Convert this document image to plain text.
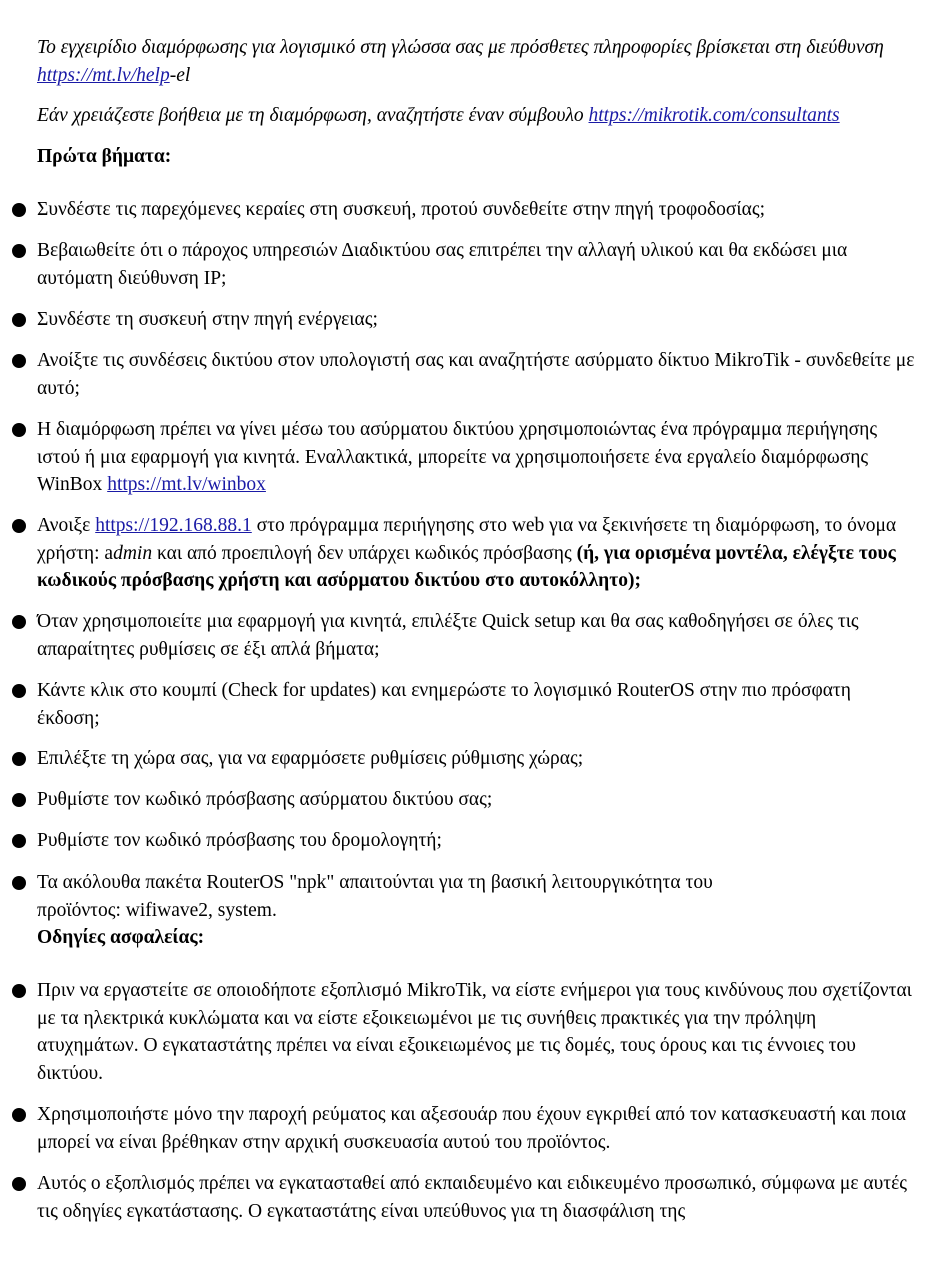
Το εγχειρίδιο διαμόρφωσης για λογισμικό στη γλώσσα σας με πρόσθετες πληροφορίες βρίσκεται στη διεύθυνση https://mt.lv/help-el
Εάν χρειάζεστε βοήθεια με τη διαμόρφωση, αναζητήστε έναν σύμβουλο https://mikrotik.com/consultants
Πρώτα βήματα:
Συνδέστε τις παρεχόμενες κεραίες στη συσκευή, προτού συνδεθείτε στην πηγή τροφοδοσίας;
Βεβαιωθείτε ότι ο πάροχος υπηρεσιών Διαδικτύου σας επιτρέπει την αλλαγή υλικού και θα εκδώσει μια αυτόματη διεύθυνση IP;
Συνδέστε τη συσκευή στην πηγή ενέργειας;
Ανοίξτε τις συνδέσεις δικτύου στον υπολογιστή σας και αναζητήστε ασύρματο δίκτυο MikroTik - συνδεθείτε με αυτό;
Η διαμόρφωση πρέπει να γίνει μέσω του ασύρματου δικτύου χρησιμοποιώντας ένα πρόγραμμα περιήγησης ιστού ή μια εφαρμογή για κινητά. Εναλλακτικά, μπορείτε να χρησιμοποιήσετε ένα εργαλείο διαμόρφωσης WinBox https://mt.lv/winbox
Ανοιξε https://192.168.88.1 στο πρόγραμμα περιήγησης στο web για να ξεκινήσετε τη διαμόρφωση, το όνομα χρήστη: admin και από προεπιλογή δεν υπάρχει κωδικός πρόσβασης (ή, για ορισμένα μοντέλα, ελέγξτε τους κωδικούς πρόσβασης χρήστη και ασύρματου δικτύου στο αυτοκόλλητο);
Όταν χρησιμοποιείτε μια εφαρμογή για κινητά, επιλέξτε Quick setup και θα σας καθοδηγήσει σε όλες τις απαραίτητες ρυθμίσεις σε έξι απλά βήματα;
Κάντε κλικ στο κουμπί (Check for updates) και ενημερώστε το λογισμικό RouterOS στην πιο πρόσφατη έκδοση;
Επιλέξτε τη χώρα σας, για να εφαρμόσετε ρυθμίσεις ρύθμισης χώρας;
Ρυθμίστε τον κωδικό πρόσβασης ασύρματου δικτύου σας;
Ρυθμίστε τον κωδικό πρόσβασης του δρομολογητή;
Τα ακόλουθα πακέτα RouterOS "npk" απαιτούνται για τη βασική λειτουργικότητα του προϊόντος: wifiwave2, system.
Οδηγίες ασφαλείας:
Πριν να εργαστείτε σε οποιοδήποτε εξοπλισμό MikroTik, να είστε ενήμεροι για τους κινδύνους που σχετίζονται με τα ηλεκτρικά κυκλώματα και να είστε εξοικειωμένοι με τις συνήθεις πρακτικές για την πρόληψη ατυχημάτων. Ο εγκαταστάτης πρέπει να είναι εξοικειωμένος με τις δομές, τους όρους και τις έννοιες του δικτύου.
Χρησιμοποιήστε μόνο την παροχή ρεύματος και αξεσουάρ που έχουν εγκριθεί από τον κατασκευαστή και ποια μπορεί να είναι βρέθηκαν στην αρχική συσκευασία αυτού του προϊόντος.
Αυτός ο εξοπλισμός πρέπει να εγκατασταθεί από εκπαιδευμένο και ειδικευμένο προσωπικό, σύμφωνα με αυτές τις οδηγίες εγκατάστασης. Ο εγκαταστάτης είναι υπεύθυνος για τη διασφάλιση της
